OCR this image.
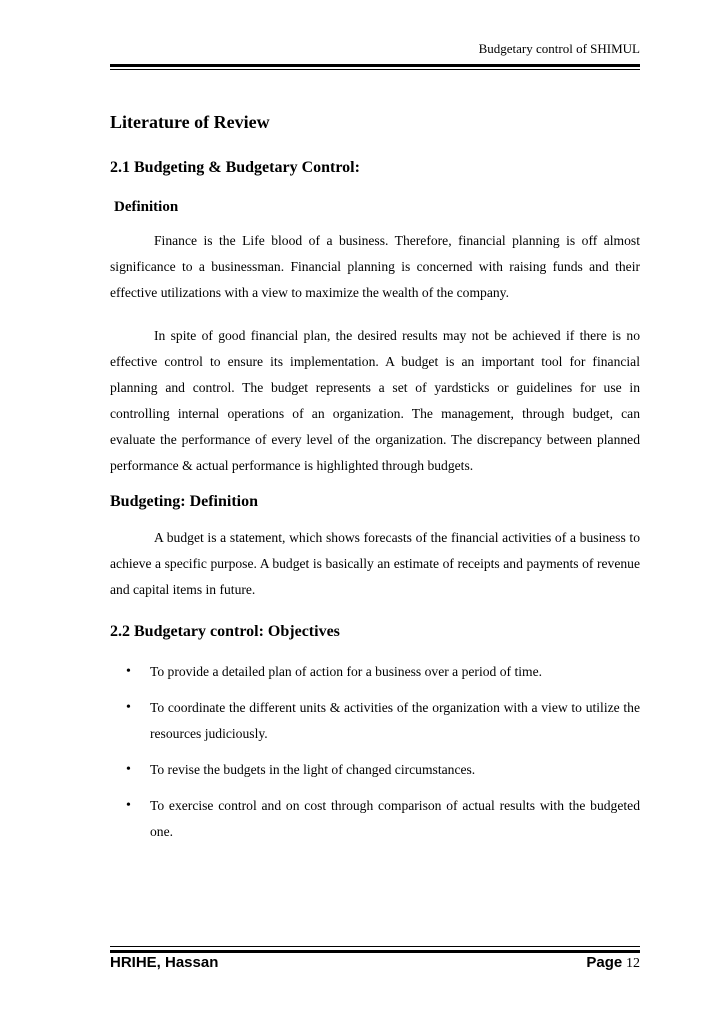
Budgetary control of SHIMUL
Literature of Review
2.1 Budgeting & Budgetary Control:
Definition

Finance is the Life blood of a business. Therefore, financial planning is off almost significance to a businessman. Financial planning is concerned with raising funds and their effective utilizations with a view to maximize the wealth of the company.

In spite of good financial plan, the desired results may not be achieved if there is no effective control to ensure its implementation. A budget is an important tool for financial planning and control. The budget represents a set of yardsticks or guidelines for use in controlling internal operations of an organization. The management, through budget, can evaluate the performance of every level of the organization. The discrepancy between planned performance & actual performance is highlighted through budgets.

Budgeting: Definition

A budget is a statement, which shows forecasts of the financial activities of a business to achieve a specific purpose. A budget is basically an estimate of receipts and payments of revenue and capital items in future.

2.2 Budgetary control: Objectives
• To provide a detailed plan of action for a business over a period of time.
• To coordinate the different units & activities of the organization with a view to utilize the resources judiciously.
• To revise the budgets in the light of changed circumstances.
• To exercise control and on cost through comparison of actual results with the budgeted one.
HRIHE, Hassan	Page 12
